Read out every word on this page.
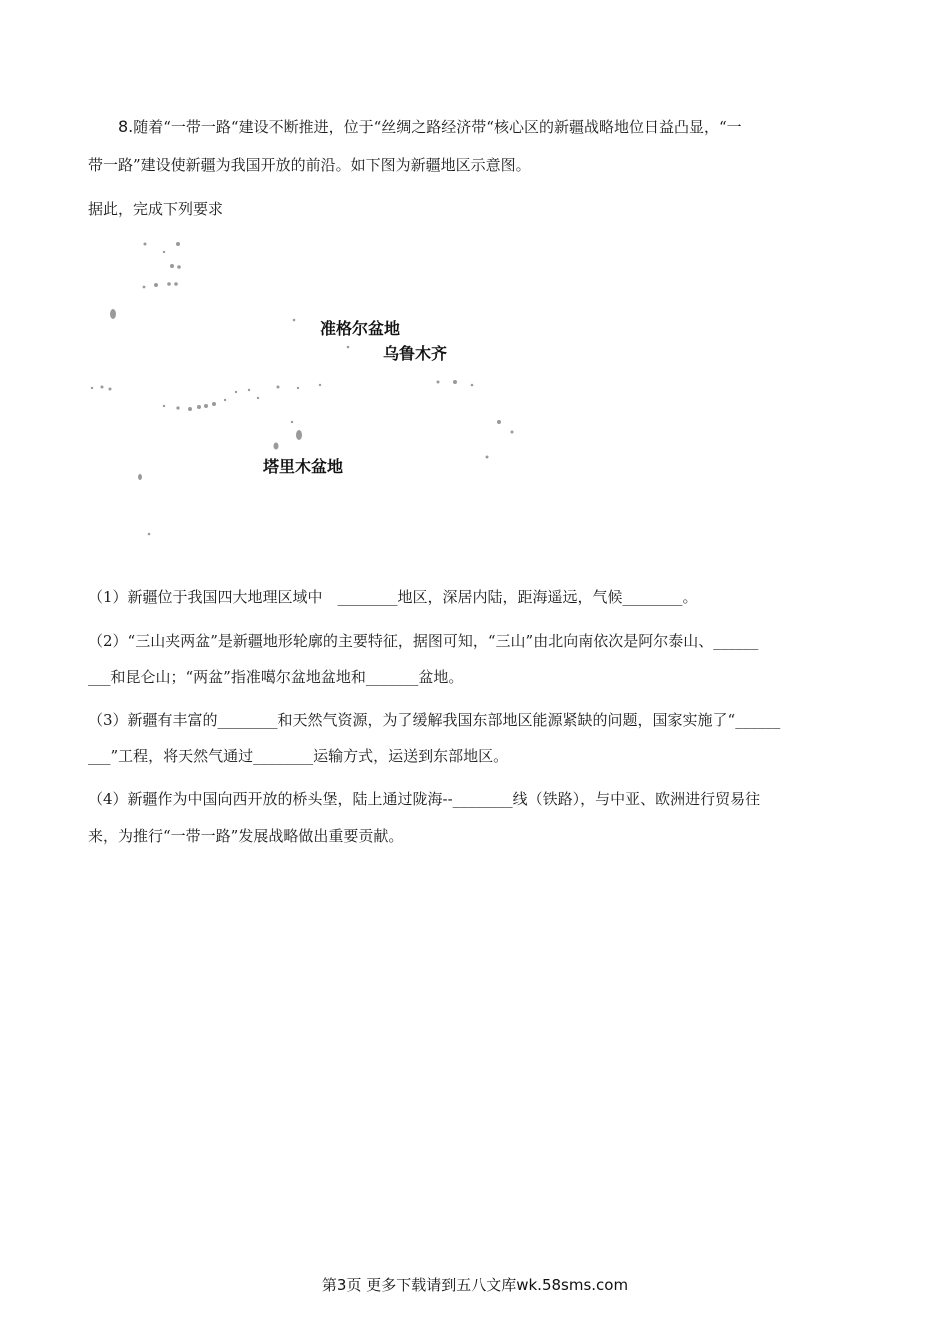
8.随着“一带一路“建设不断推进，位于“丝绸之路经济带“核心区的新疆战略地位日益凸显，“一
带一路”建设使新疆为我国开放的前沿。如下图为新疆地区示意图。
据此，完成下列要求
准格尔盆地
乌鲁木齐
塔里木盆地
（1）新疆位于我国四大地理区域中　________地区，深居内陆，距海遥远，气候________。
（2）“三山夹两盆”是新疆地形轮廓的主要特征，据图可知，“三山”由北向南依次是阿尔泰山、______
___和昆仑山；“两盆”指准噶尔盆地盆地和_______盆地。
（3）新疆有丰富的________和天然气资源，为了缓解我国东部地区能源紧缺的问题，国家实施了“______
___”工程，将天然气通过________运输方式，运送到东部地区。
（4）新疆作为中国向西开放的桥头堡，陆上通过陇海--________线（铁路），与中亚、欧洲进行贸易往
来，为推行“一带一路”发展战略做出重要贡献。
第3页 更多下载请到五八文库wk.58sms.com
